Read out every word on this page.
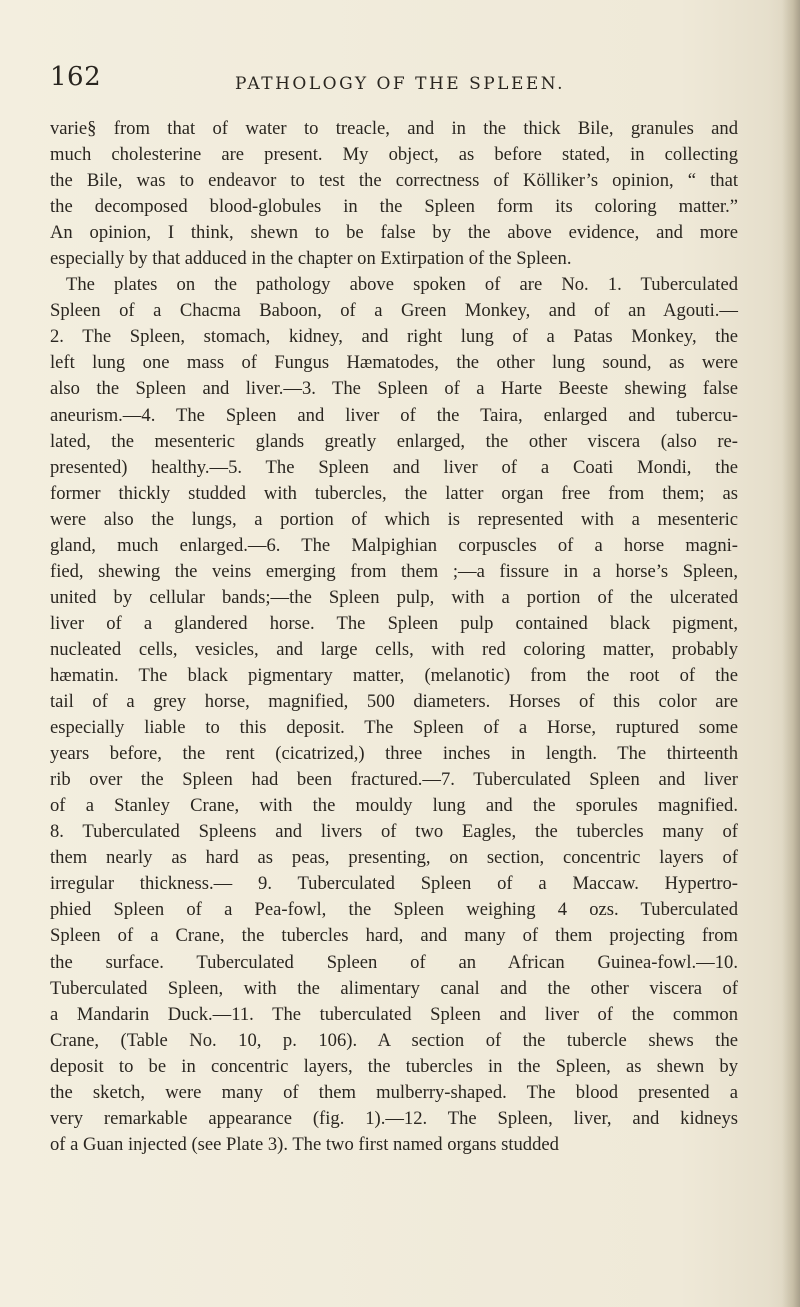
162	PATHOLOGY OF THE SPLEEN.
varie§ from that of water to treacle, and in the thick Bile, granules and
much cholesterine are present. My object, as before stated, in collecting
the Bile, was to endeavor to test the correctness of Kölliker’s opinion, “ that
the decomposed blood-globules in the Spleen form its coloring matter.”
An opinion, I think, shewn to be false by the above evidence, and more
especially by that adduced in the chapter on Extirpation of the Spleen.
The plates on the pathology above spoken of are No. 1. Tuberculated
Spleen of a Chacma Baboon, of a Green Monkey, and of an Agouti.—
2. The Spleen, stomach, kidney, and right lung of a Patas Monkey, the
left lung one mass of Fungus Hæmatodes, the other lung sound, as were
also the Spleen and liver.—3. The Spleen of a Harte Beeste shewing false
aneurism.—4. The Spleen and liver of the Taira, enlarged and tubercu-
lated, the mesenteric glands greatly enlarged, the other viscera (also re-
presented) healthy.—5. The Spleen and liver of a Coati Mondi, the
former thickly studded with tubercles, the latter organ free from them; as
were also the lungs, a portion of which is represented with a mesenteric
gland, much enlarged.—6. The Malpighian corpuscles of a horse magni-
fied, shewing the veins emerging from them ;—a fissure in a horse’s Spleen,
united by cellular bands;—the Spleen pulp, with a portion of the ulcerated
liver of a glandered horse. The Spleen pulp contained black pigment,
nucleated cells, vesicles, and large cells, with red coloring matter, probably
hæmatin. The black pigmentary matter, (melanotic) from the root of the
tail of a grey horse, magnified, 500 diameters. Horses of this color are
especially liable to this deposit. The Spleen of a Horse, ruptured some
years before, the rent (cicatrized,) three inches in length. The thirteenth
rib over the Spleen had been fractured.—7. Tuberculated Spleen and liver
of a Stanley Crane, with the mouldy lung and the sporules magnified.
8. Tuberculated Spleens and livers of two Eagles, the tubercles many of
them nearly as hard as peas, presenting, on section, concentric layers of
irregular thickness.— 9. Tuberculated Spleen of a Maccaw. Hypertro-
phied Spleen of a Pea-fowl, the Spleen weighing 4 ozs. Tuberculated
Spleen of a Crane, the tubercles hard, and many of them projecting from
the surface. Tuberculated Spleen of an African Guinea-fowl.—10.
Tuberculated Spleen, with the alimentary canal and the other viscera of
a Mandarin Duck.—11. The tuberculated Spleen and liver of the common
Crane, (Table No. 10, p. 106). A section of the tubercle shews the
deposit to be in concentric layers, the tubercles in the Spleen, as shewn by
the sketch, were many of them mulberry-shaped. The blood presented a
very remarkable appearance (fig. 1).—12. The Spleen, liver, and kidneys
of a Guan injected (see Plate 3). The two first named organs studded
